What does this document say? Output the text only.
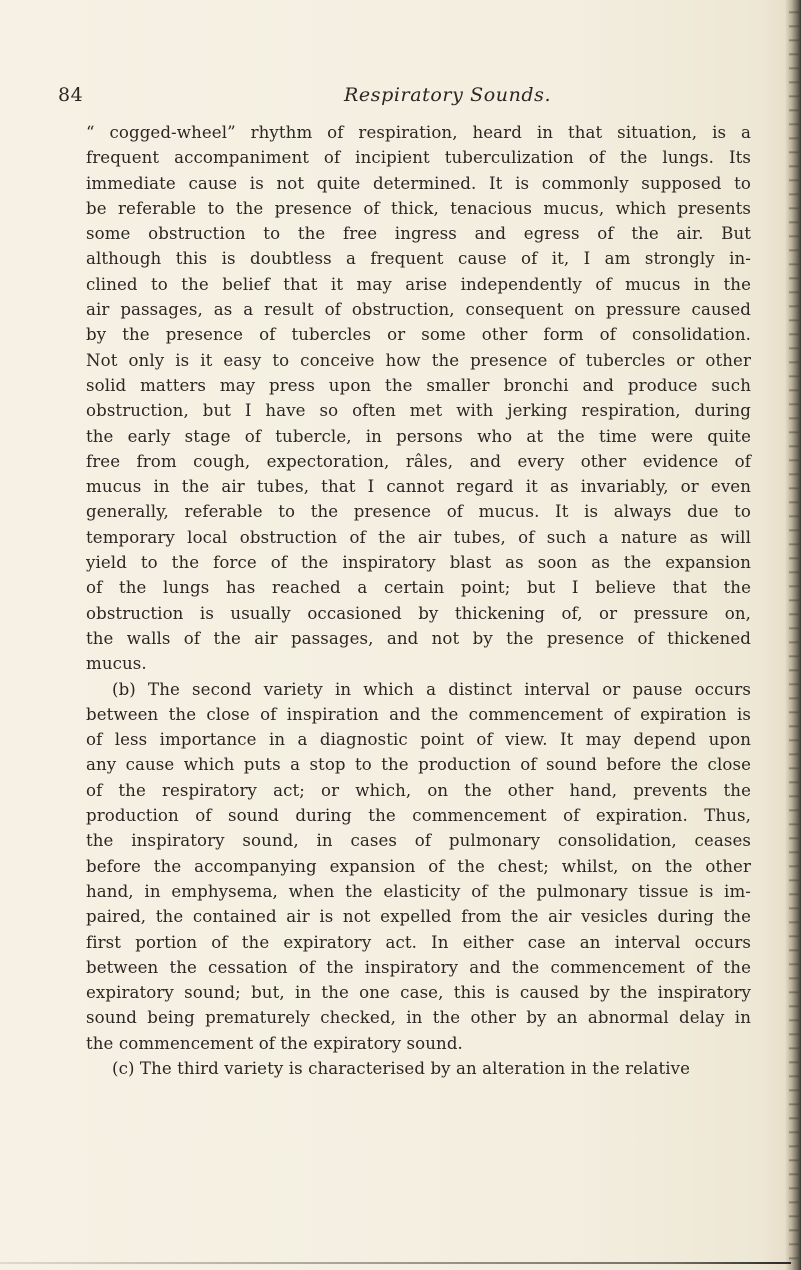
84	Respiratory Sounds.
“ cogged-wheel” rhythm of respiration, heard in that situation, is a
frequent accompaniment of incipient tuberculization of the lungs. Its
immediate cause is not quite determined. It is commonly supposed to
be referable to the presence of thick, tenacious mucus, which presents
some obstruction to the free ingress and egress of the air. But
although this is doubtless a frequent cause of it, I am strongly in-
clined to the belief that it may arise independently of mucus in the
air passages, as a result of obstruction, consequent on pressure caused
by the presence of tubercles or some other form of consolidation.
Not only is it easy to conceive how the presence of tubercles or other
solid matters may press upon the smaller bronchi and produce such
obstruction, but I have so often met with jerking respiration, during
the early stage of tubercle, in persons who at the time were quite
free from cough, expectoration, râles, and every other evidence of
mucus in the air tubes, that I cannot regard it as invariably, or even
generally, referable to the presence of mucus. It is always due to
temporary local obstruction of the air tubes, of such a nature as will
yield to the force of the inspiratory blast as soon as the expansion
of the lungs has reached a certain point; but I believe that the
obstruction is usually occasioned by thickening of, or pressure on,
the walls of the air passages, and not by the presence of thickened
mucus.
(b) The second variety in which a distinct interval or pause occurs
between the close of inspiration and the commencement of expiration is
of less importance in a diagnostic point of view. It may depend upon
any cause which puts a stop to the production of sound before the close
of the respiratory act; or which, on the other hand, prevents the
production of sound during the commencement of expiration. Thus,
the inspiratory sound, in cases of pulmonary consolidation, ceases
before the accompanying expansion of the chest; whilst, on the other
hand, in emphysema, when the elasticity of the pulmonary tissue is im-
paired, the contained air is not expelled from the air vesicles during the
first portion of the expiratory act. In either case an interval occurs
between the cessation of the inspiratory and the commencement of the
expiratory sound; but, in the one case, this is caused by the inspiratory
sound being prematurely checked, in the other by an abnormal delay in
the commencement of the expiratory sound.
(c) The third variety is characterised by an alteration in the relative
